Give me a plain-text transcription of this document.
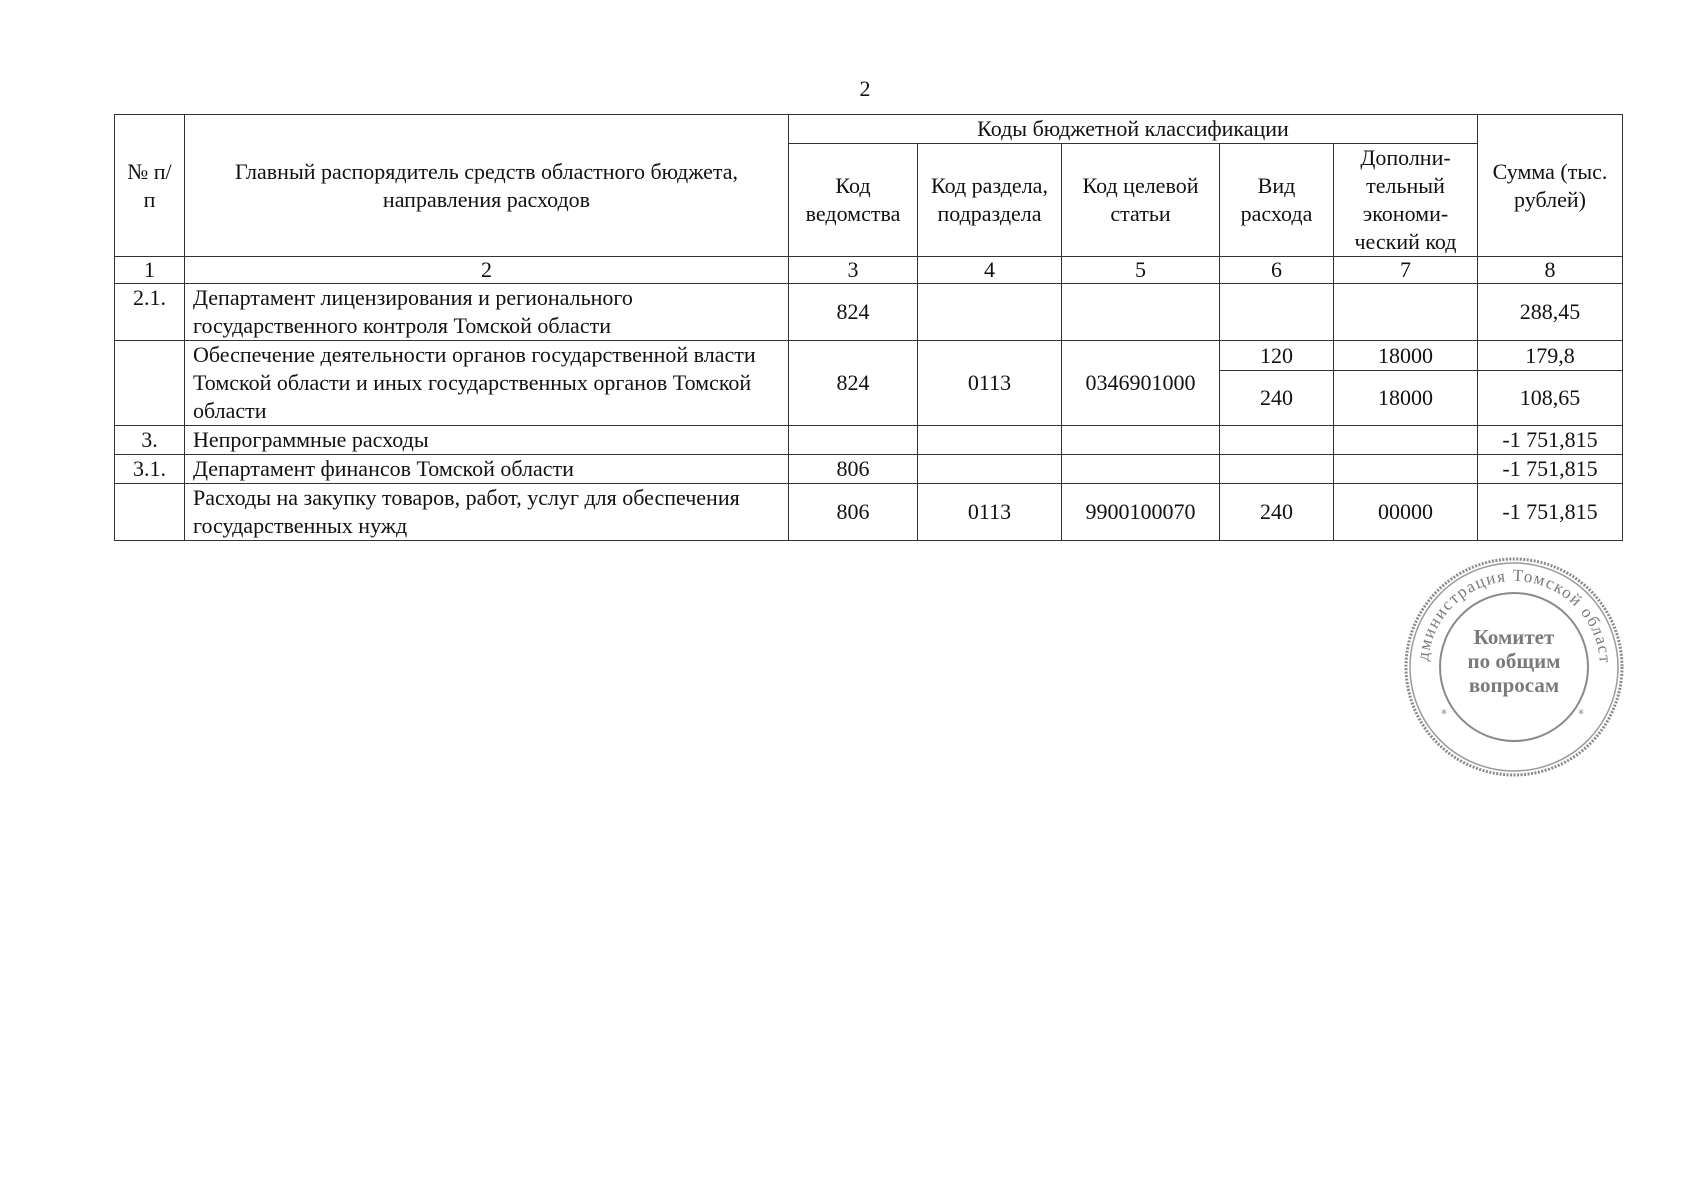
2
№ п/п	Главный распорядитель средств областного бюджета, направления расходов	Коды бюджетной классификации					Сумма (тыс. рублей)
		Код ведомства	Код раздела, подраздела	Код целевой статьи	Вид расхода	Дополни-тельный экономи-ческий код	
1	2	3	4	5	6	7	8
2.1.	Департамент лицензирования и регионального государственного контроля Томской области	824					288,45
	Обеспечение деятельности органов государственной власти Томской области и иных государственных органов Томской области	824	0113	0346901000	120	18000	179,8
					240	18000	108,65
3.	Непрограммные расходы						-1 751,815
3.1.	Департамент финансов Томской области	806					-1 751,815
	Расходы на закупку товаров, работ, услуг для обеспечения государственных нужд	806	0113	9900100070	240	00000	-1 751,815
дминистрация Томской област
*	*
Комитет
по общим
вопросам
